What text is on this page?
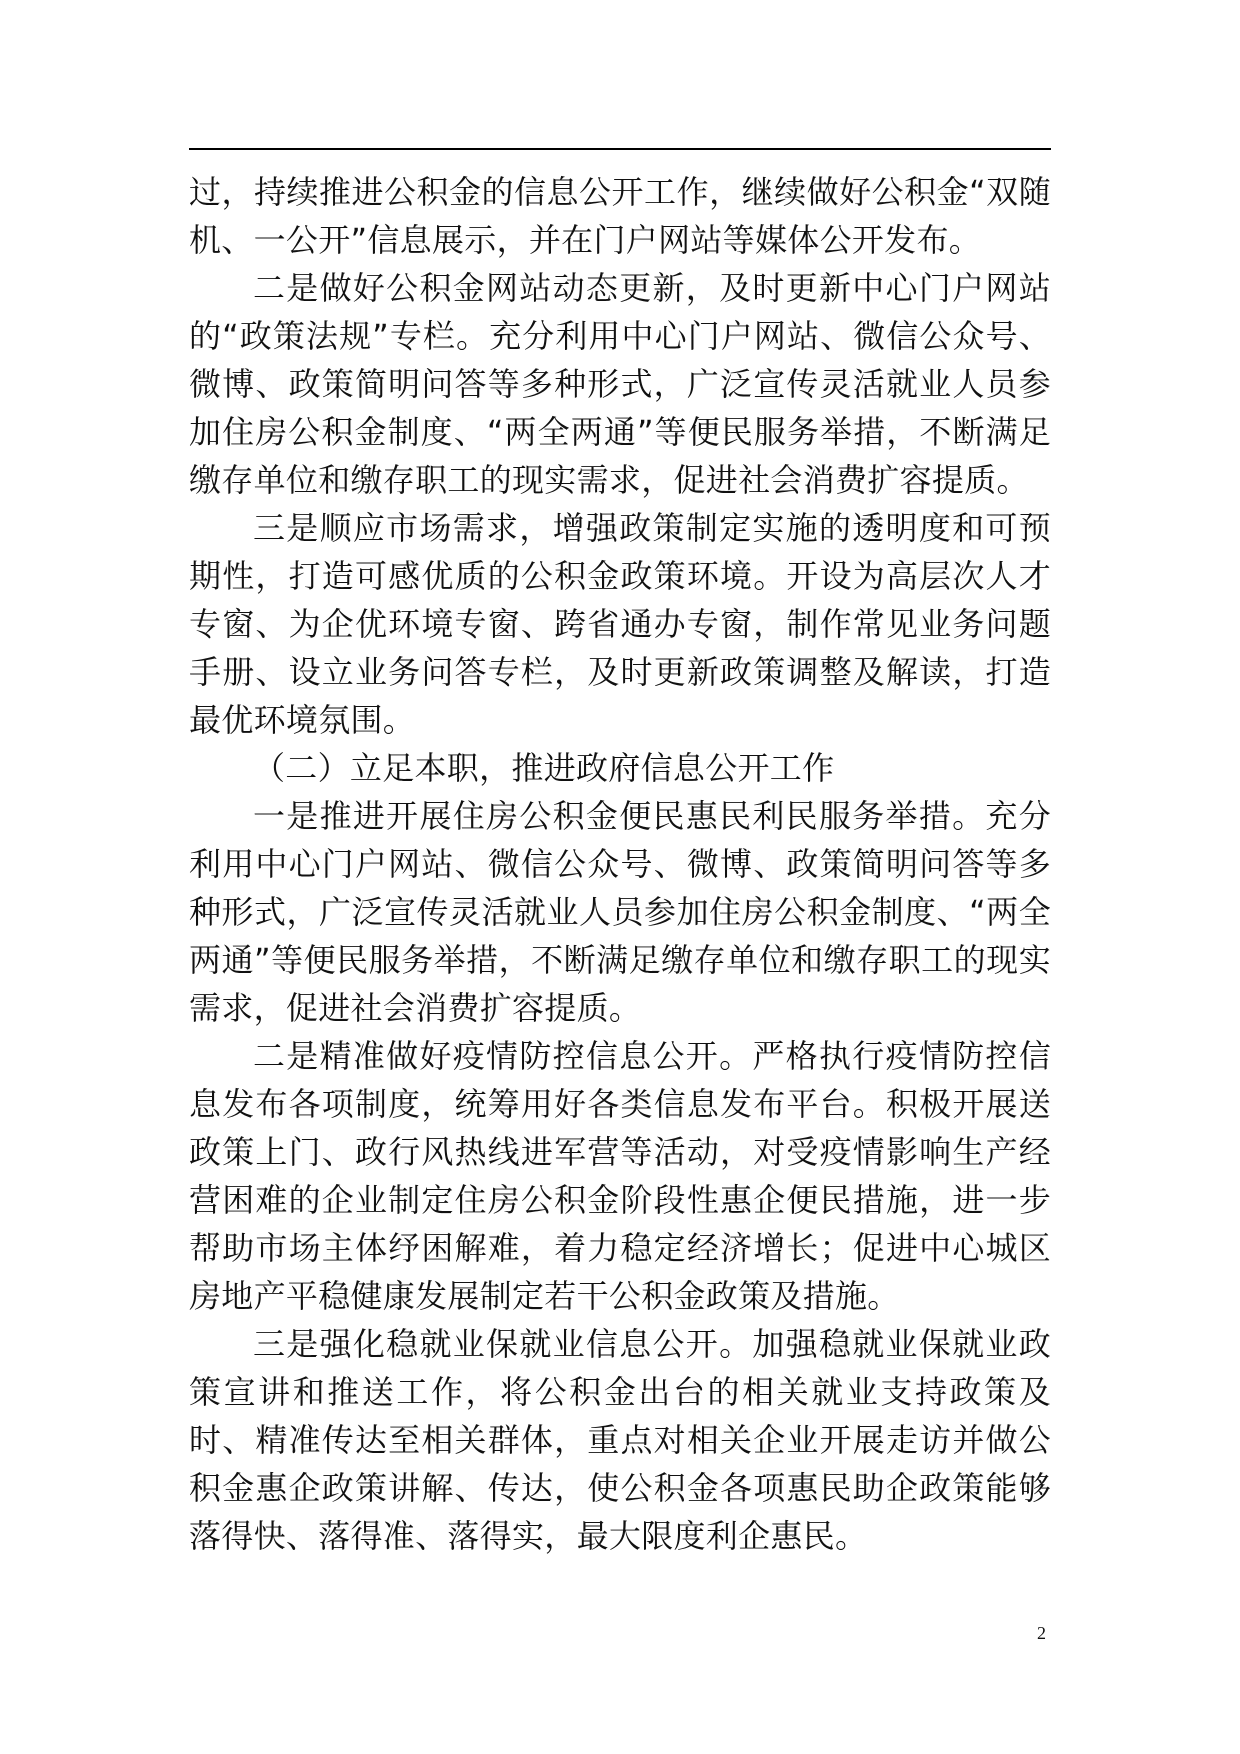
过，持续推进公积金的信息公开工作，继续做好公积金“双随机、一公开”信息展示，并在门户网站等媒体公开发布。

二是做好公积金网站动态更新，及时更新中心门户网站的“政策法规”专栏。充分利用中心门户网站、微信公众号、微博、政策简明问答等多种形式，广泛宣传灵活就业人员参加住房公积金制度、“两全两通”等便民服务举措，不断满足缴存单位和缴存职工的现实需求，促进社会消费扩容提质。

三是顺应市场需求，增强政策制定实施的透明度和可预期性，打造可感优质的公积金政策环境。开设为高层次人才专窗、为企优环境专窗、跨省通办专窗，制作常见业务问题手册、设立业务问答专栏，及时更新政策调整及解读，打造最优环境氛围。

（二）立足本职，推进政府信息公开工作

一是推进开展住房公积金便民惠民利民服务举措。充分利用中心门户网站、微信公众号、微博、政策简明问答等多种形式，广泛宣传灵活就业人员参加住房公积金制度、“两全两通”等便民服务举措，不断满足缴存单位和缴存职工的现实需求，促进社会消费扩容提质。

二是精准做好疫情防控信息公开。严格执行疫情防控信息发布各项制度，统筹用好各类信息发布平台。积极开展送政策上门、政行风热线进军营等活动，对受疫情影响生产经营困难的企业制定住房公积金阶段性惠企便民措施，进一步帮助市场主体纾困解难，着力稳定经济增长；促进中心城区房地产平稳健康发展制定若干公积金政策及措施。

三是强化稳就业保就业信息公开。加强稳就业保就业政策宣讲和推送工作，将公积金出台的相关就业支持政策及时、精准传达至相关群体，重点对相关企业开展走访并做公积金惠企政策讲解、传达，使公积金各项惠民助企政策能够落得快、落得准、落得实，最大限度利企惠民。

2
